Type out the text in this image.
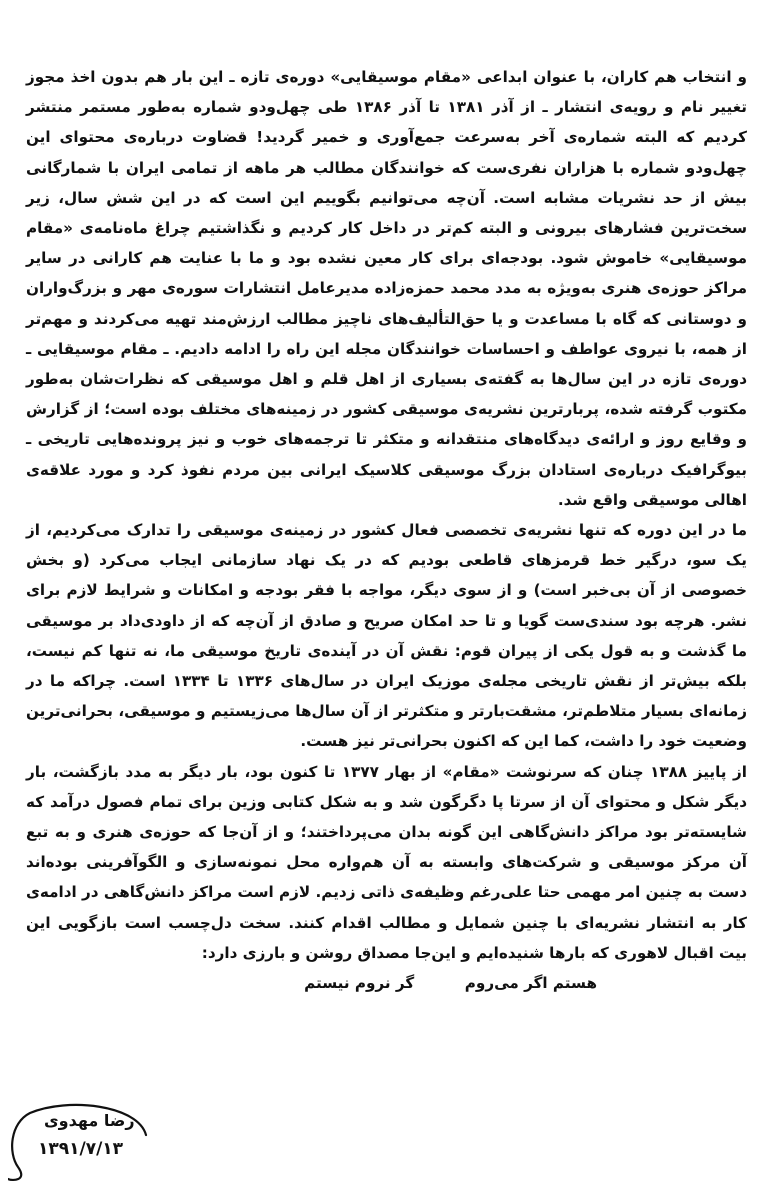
و انتخاب هم کاران، با عنوان ابداعی «مقام موسیقایی» دوره‌ی تازه ـ این بار هم بدون اخذ مجوز تغییر نام و رویه‌ی انتشار ـ از آذر ۱۳۸۱ تا آذر ۱۳۸۶ طی چهل‌ودو شماره به‌طور مستمر منتشر کردیم که البته شماره‌ی آخر به‌سرعت جمع‌آوری و خمیر گردید! قضاوت درباره‌ی محتوای این چهل‌ودو شماره با هزاران نفری‌ست که خوانندگان مطالب هر ماهه از تمامی ایران با شمارگانی بیش از حد نشریات مشابه است. آن‌چه می‌توانیم بگوییم این است که در این شش سال، زیر سخت‌ترین فشارهای بیرونی و البته کم‌تر در داخل کار کردیم و نگذاشتیم چراغ ماه‌نامه‌ی «مقام موسیقایی» خاموش شود. بودجه‌ای برای کار معین نشده بود و ما با عنایت هم کارانی در سایر مراکز حوزه‌ی هنری به‌ویژه به مدد محمد حمزه‌زاده مدیرعامل انتشارات سوره‌ی مهر و بزرگ‌واران و دوستانی که گاه با مساعدت و یا حق‌التألیف‌های ناچیز مطالب ارزش‌مند تهیه می‌کردند و مهم‌تر از همه، با نیروی عواطف و احساسات خوانندگان مجله این راه را ادامه دادیم. ـ مقام موسیقایی ـ دوره‌ی تازه در این سال‌ها به گفته‌ی بسیاری از اهل قلم و اهل موسیقی که نظرات‌شان به‌طور مکتوب گرفته شده، پربارترین نشریه‌ی موسیقی کشور در زمینه‌های مختلف بوده است؛ از گزارش و وقایع روز و ارائه‌ی دیدگاه‌های منتقدانه و متکثر تا ترجمه‌های خوب و نیز پرونده‌هایی تاریخی ـ بیوگرافیک درباره‌ی استادان بزرگ موسیقی کلاسیک ایرانی بین مردم نفوذ کرد و مورد علاقه‌ی اهالی موسیقی واقع شد.

ما در این دوره که تنها نشریه‌ی تخصصی فعال کشور در زمینه‌ی موسیقی را تدارک می‌کردیم، از یک سو، درگیر خط قرمزهای قاطعی بودیم که در یک نهاد سازمانی ایجاب می‌کرد (و بخش خصوصی از آن بی‌خبر است) و از سوی دیگر، مواجه با فقر بودجه و امکانات و شرایط لازم برای نشر. هرچه بود سندی‌ست گویا و تا حد امکان صریح و صادق از آن‌چه که از داودی‌داد بر موسیقی ما گذشت و به قول یکی از پیران قوم: نقش آن در آینده‌ی تاریخ موسیقی ما، نه تنها کم نیست، بلکه بیش‌تر از نقش تاریخی مجله‌ی موزیک ایران در سال‌های ۱۳۳۶ تا ۱۳۳۴ است. چراکه ما در زمانه‌ای بسیار متلاطم‌تر، مشقت‌بارتر و متکثرتر از آن سال‌ها می‌زیستیم و موسیقی، بحرانی‌ترین وضعیت خود را داشت، کما این که اکنون بحرانی‌تر نیز هست.

از پاییز ۱۳۸۸ چنان که سرنوشت «مقام» از بهار ۱۳۷۷ تا کنون بود، بار دیگر به مدد بازگشت، بار دیگر شکل و محتوای آن از سرتا پا دگرگون شد و به شکل کتابی وزین برای تمام فصول درآمد که شایسته‌تر بود مراکز دانش‌گاهی این گونه بدان می‌پرداختند؛ و از آن‌جا که حوزه‌ی هنری و به تبع آن مرکز موسیقی و شرکت‌های وابسته به آن هم‌واره محل نمونه‌سازی و الگوآفرینی بوده‌اند دست به چنین امر مهمی حتا علی‌رغم وظیفه‌ی ذاتی زدیم. لازم است مراکز دانش‌گاهی در ادامه‌ی کار به انتشار نشریه‌ای با چنین شمایل و مطالب اقدام کنند. سخت دل‌چسب است بازگویی این بیت اقبال لاهوری که بارها شنیده‌ایم و این‌جا مصداق روشن و بارزی دارد:

هستم اگر می‌روم  گر نروم نیستم

رضا مهدوی
۱۳۹۱/۷/۱۳
